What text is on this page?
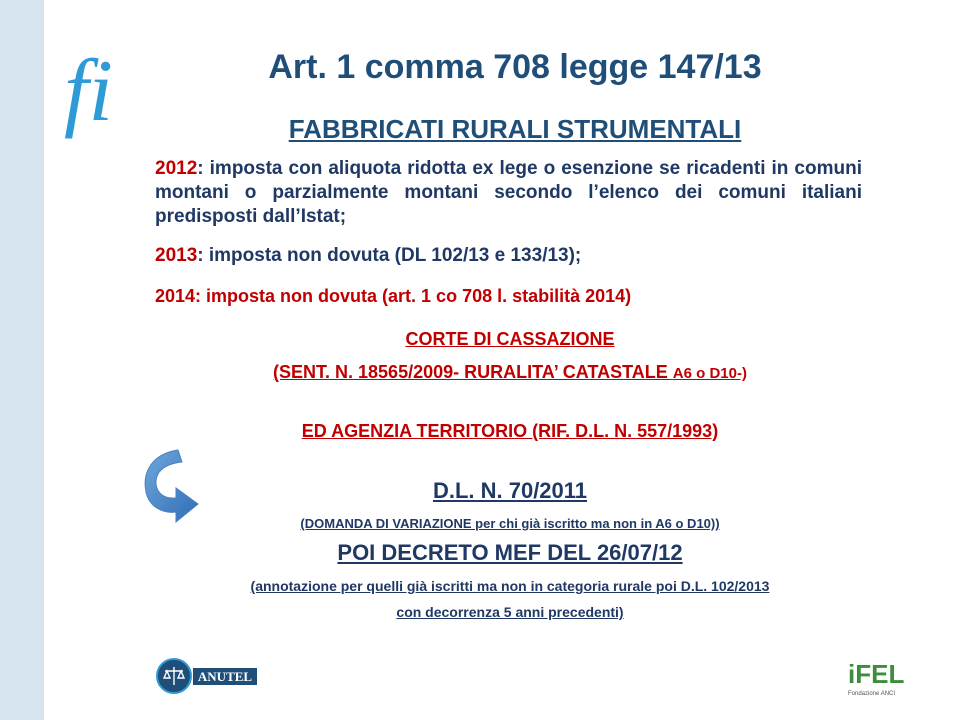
fi	Art. 1 comma 708 legge 147/13
FABBRICATI RURALI STRUMENTALI
2012: imposta con aliquota ridotta ex lege o esenzione se ricadenti in comuni montani o parzialmente montani secondo l’elenco dei comuni italiani predisposti dall’Istat;
2013: imposta non dovuta (DL 102/13 e 133/13);
2014: imposta non dovuta (art. 1 co 708 l. stabilità 2014)
CORTE DI CASSAZIONE
(SENT. N. 18565/2009- RURALITA’ CATASTALE A6 o D10-)
ED AGENZIA TERRITORIO (RIF. D.L. N. 557/1993)
D.L. N. 70/2011
(DOMANDA DI VARIAZIONE per chi già iscritto ma non in A6 o D10))
POI DECRETO MEF DEL 26/07/12
(annotazione per quelli già iscritti ma non in categoria rurale poi D.L. 102/2013
con decorrenza 5 anni precedenti)
ANUTEL	iFEL
Fondazione ANCI
